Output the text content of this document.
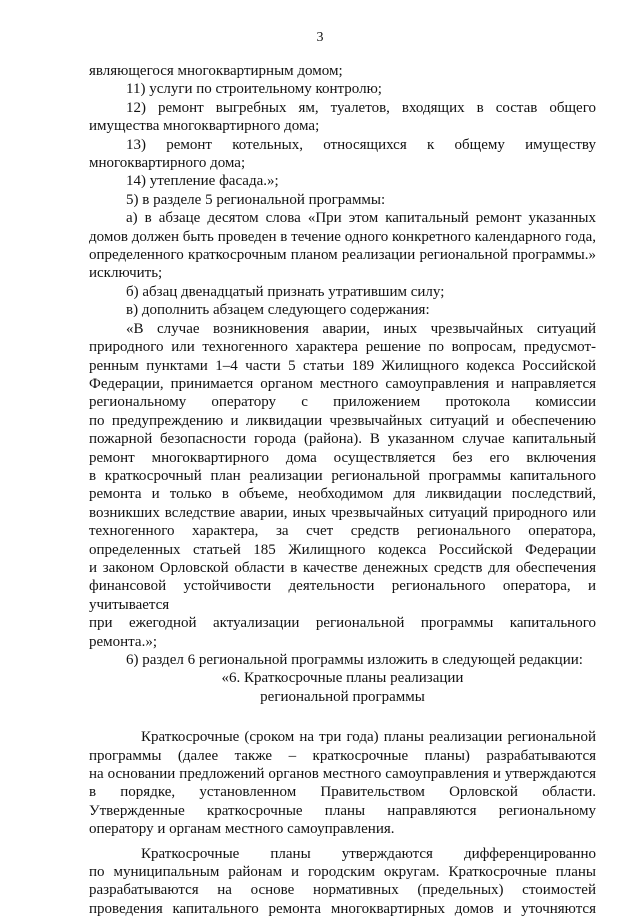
3

являющегося многоквартирным домом;

11) услуги по строительному контролю;

12) ремонт выгребных ям, туалетов, входящих в состав общего

имущества многоквартирного дома;

13) ремонт котельных, относящихся к общему имуществу

многоквартирного дома;

14) утепление фасада.»;

5) в разделе 5 региональной программы:

а) в абзаце десятом слова «При этом капитальный ремонт указанных

домов должен быть проведен в течение одного конкретного календарного года,

определенного краткосрочным планом реализации региональной программы.»

исключить;

б) абзац двенадцатый признать утратившим силу;

в) дополнить абзацем следующего содержания:

«В случае возникновения аварии, иных чрезвычайных ситуаций

природного или техногенного характера решение по вопросам, предусмот-

ренным пунктами 1–4 части 5 статьи 189 Жилищного кодекса Российской

Федерации, принимается органом местного самоуправления и направляется

региональному оператору с приложением протокола комиссии

по предупреждению и ликвидации чрезвычайных ситуаций и обеспечению

пожарной безопасности города (района). В указанном случае капитальный

ремонт многоквартирного дома осуществляется без его включения

в краткосрочный план реализации региональной программы капитального

ремонта и только в объеме, необходимом для ликвидации последствий,

возникших вследствие аварии, иных чрезвычайных ситуаций природного или

техногенного характера, за счет средств регионального оператора,

определенных статьей 185 Жилищного кодекса Российской Федерации

и законом Орловской области в качестве денежных средств для обеспечения

финансовой устойчивости деятельности регионального оператора, и учитывается

при ежегодной актуализации региональной программы капитального

ремонта.»;

6) раздел 6 региональной программы изложить в следующей редакции:

«6. Краткосрочные планы реализации

региональной программы

Краткосрочные (сроком на три года) планы реализации региональной

программы (далее также – краткосрочные планы) разрабатываются

на основании предложений органов местного самоуправления и утверждаются

в порядке, установленном Правительством Орловской области.

Утвержденные краткосрочные планы направляются региональному

оператору и органам местного самоуправления.

Краткосрочные планы утверждаются дифференцированно

по муниципальным районам и городским округам. Краткосрочные планы

разрабатываются на основе нормативных (предельных) стоимостей

проведения капитального ремонта многоквартирных домов и уточняются
